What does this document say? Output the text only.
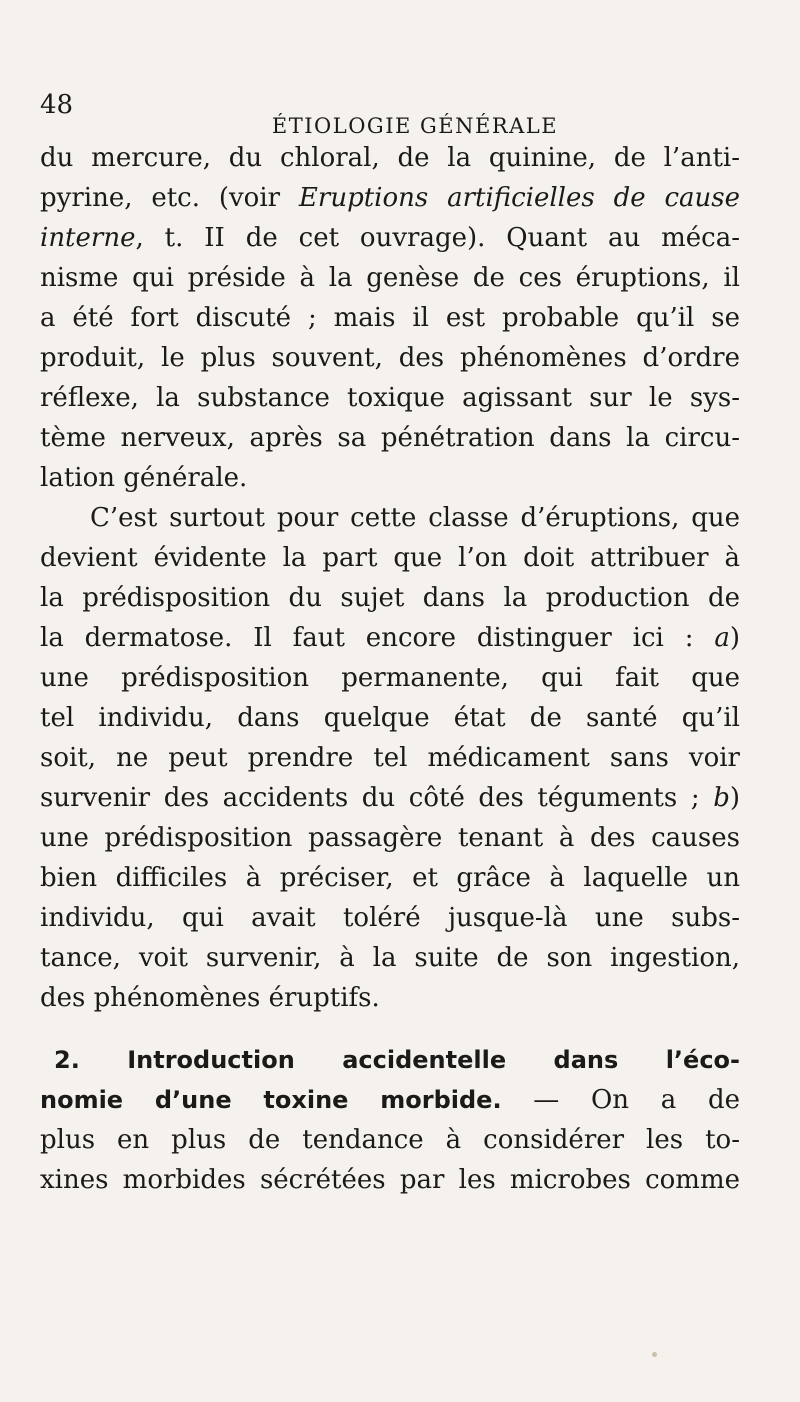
48
ÉTIOLOGIE GÉNÉRALE
du mercure, du chloral, de la quinine, de l’anti-
pyrine, etc. (voir Eruptions artificielles de cause
interne, t. II de cet ouvrage). Quant au méca-
nisme qui préside à la genèse de ces éruptions, il
a été fort discuté ; mais il est probable qu’il se
produit, le plus souvent, des phénomènes d’ordre
réflexe, la substance toxique agissant sur le sys-
tème nerveux, après sa pénétration dans la circu-
lation générale.
C’est surtout pour cette classe d’éruptions, que
devient évidente la part que l’on doit attribuer à
la prédisposition du sujet dans la production de
la dermatose. Il faut encore distinguer ici : a)
une prédisposition permanente, qui fait que
tel individu, dans quelque état de santé qu’il
soit, ne peut prendre tel médicament sans voir
survenir des accidents du côté des téguments ; b)
une prédisposition passagère tenant à des causes
bien difficiles à préciser, et grâce à laquelle un
individu, qui avait toléré jusque-là une subs-
tance, voit survenir, à la suite de son ingestion,
des phénomènes éruptifs.
2. Introduction accidentelle dans l’éco-
nomie d’une toxine morbide. — On a de
plus en plus de tendance à considérer les to-
xines morbides sécrétées par les microbes comme
